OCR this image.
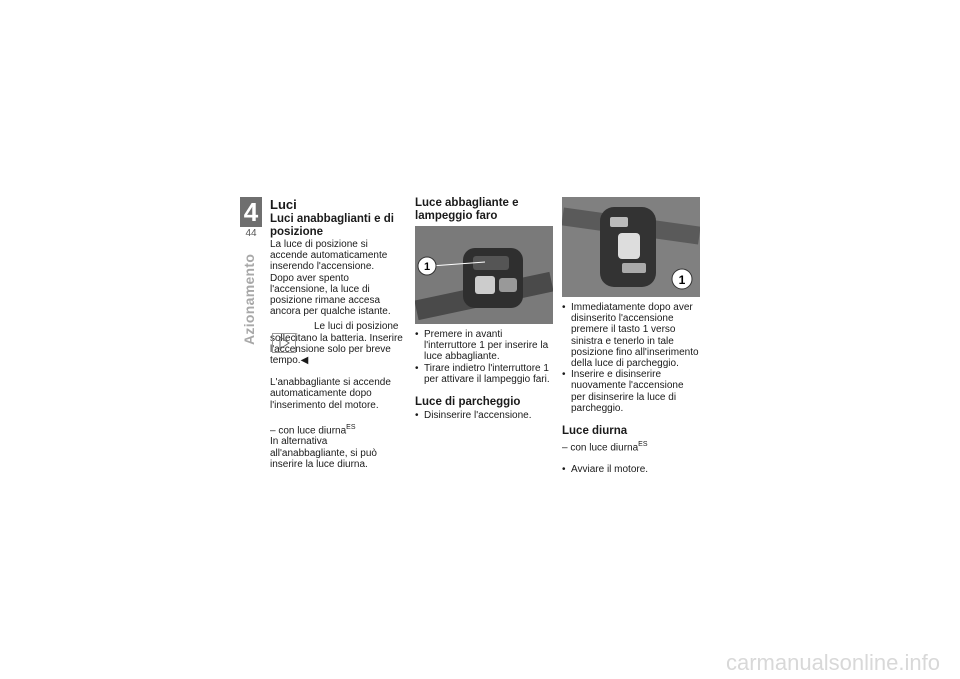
4
44
Azionamento
Luci
Luci anabbaglianti e di posizione

La luce di posizione si accende automaticamente inserendo l'accensione.

Dopo aver spento l'accensione, la luce di posizione rimane accesa ancora per qualche istante.

Le luci di posizione sollecitano la batteria. Inserire l'accensione solo per breve tempo.◀

L'anabbagliante si accende automaticamente dopo l'inserimento del motore.

– con luce diurna$^{ES}$

In alternativa all'anabbagliante, si può inserire la luce diurna.

Luce abbagliante e lampeggio faro
1
• Premere in avanti l'interruttore 1 per inserire la luce abbagliante.
• Tirare indietro l'interruttore 1 per attivare il lampeggio fari.
Luce di parcheggio
• Disinserire l'accensione.
1
• Immediatamente dopo aver disinserito l'accensione premere il tasto 1 verso sinistra e tenerlo in tale posizione fino all'inserimento della luce di parcheggio.
• Inserire e disinserire nuovamente l'accensione per disinserire la luce di parcheggio.
Luce diurna

– con luce diurna$^{ES}$

• Avviare il motore.
carmanualsonline.info
